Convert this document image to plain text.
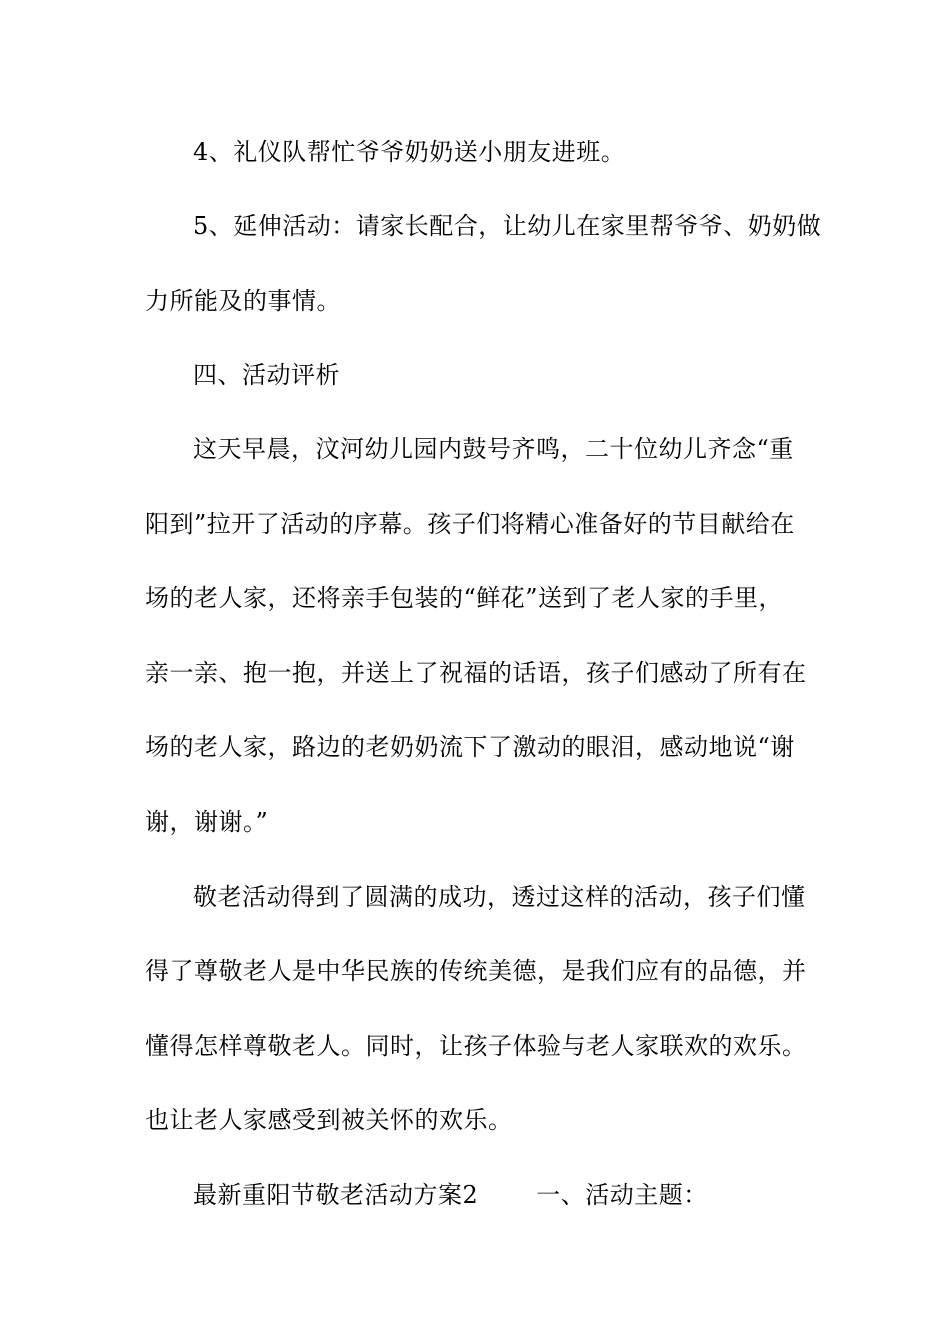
4、礼仪队帮忙爷爷奶奶送小朋友进班。
5、延伸活动：请家长配合，让幼儿在家里帮爷爷、奶奶做
力所能及的事情。
四、活动评析
这天早晨，汶河幼儿园内鼓号齐鸣，二十位幼儿齐念“重
阳到”拉开了活动的序幕。孩子们将精心准备好的节目献给在
场的老人家，还将亲手包装的“鲜花”送到了老人家的手里，
亲一亲、抱一抱，并送上了祝福的话语，孩子们感动了所有在
场的老人家，路边的老奶奶流下了激动的眼泪，感动地说“谢
谢，谢谢。”
敬老活动得到了圆满的成功，透过这样的活动，孩子们懂
得了尊敬老人是中华民族的传统美德，是我们应有的品德，并
懂得怎样尊敬老人。同时，让孩子体验与老人家联欢的欢乐。
也让老人家感受到被关怀的欢乐。
最新重阳节敬老活动方案2 一、活动主题：
